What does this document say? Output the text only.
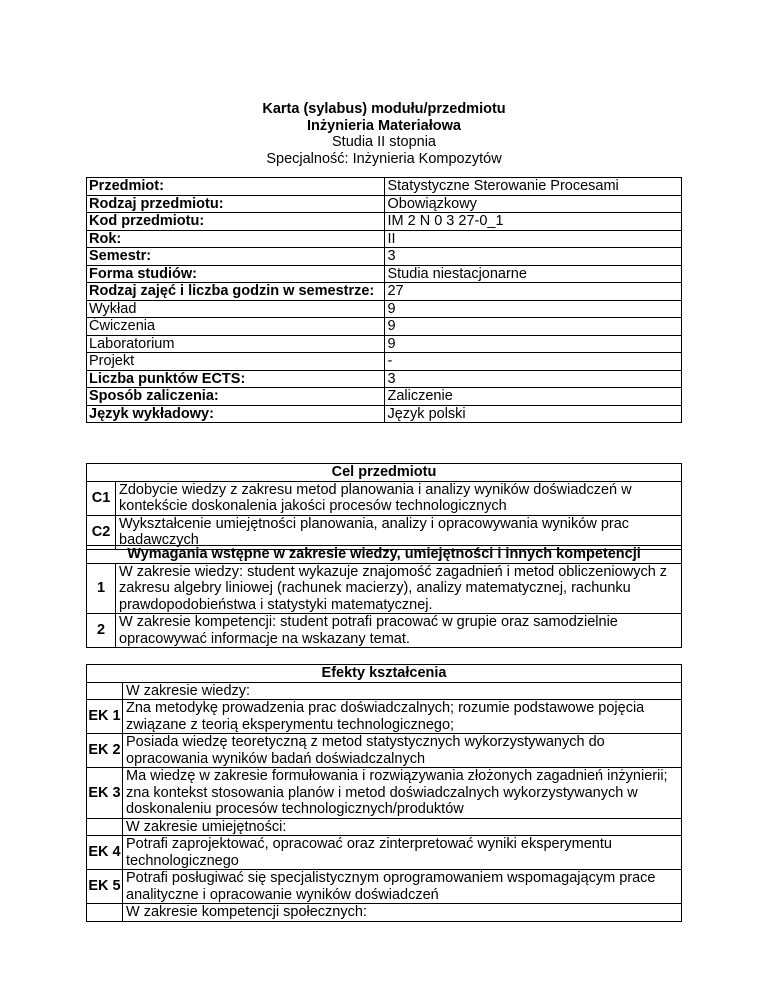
Karta (sylabus) modułu/przedmiotu
Inżynieria Materiałowa
Studia II stopnia
Specjalność: Inżynieria Kompozytów
Przedmiot:	Statystyczne Sterowanie Procesami
Rodzaj przedmiotu:	Obowiązkowy
Kod przedmiotu:	IM 2 N 0 3 27-0_1
Rok:	II
Semestr:	3
Forma studiów:	Studia niestacjonarne
Rodzaj zajęć i liczba godzin w semestrze:	27
Wykład	9
Ćwiczenia	9
Laboratorium	9
Projekt	-
Liczba punktów ECTS:	3
Sposób zaliczenia:	Zaliczenie
Język wykładowy:	Język polski
Cel przedmiotu	
C1	Zdobycie wiedzy z zakresu metod planowania i analizy wyników doświadczeń w kontekście doskonalenia jakości procesów technologicznych
C2	Wykształcenie umiejętności planowania, analizy i opracowywania wyników prac badawczych
Wymagania wstępne w zakresie wiedzy, umiejętności i innych kompetencji	
1	W zakresie wiedzy: student wykazuje znajomość zagadnień i metod obliczeniowych z zakresu algebry liniowej (rachunek macierzy), analizy matematycznej, rachunku prawdopodobieństwa i statystyki matematycznej.
2	W zakresie kompetencji: student potrafi pracować w grupie oraz samodzielnie opracowywać informacje na wskazany temat.
Efekty kształcenia	
	W zakresie wiedzy:
EK 1	Zna metodykę prowadzenia prac doświadczalnych; rozumie podstawowe pojęcia związane z teorią eksperymentu technologicznego;
EK 2	Posiada wiedzę teoretyczną z metod statystycznych wykorzystywanych do opracowania wyników badań doświadczalnych
EK 3	Ma wiedzę w zakresie formułowania i rozwiązywania złożonych zagadnień inżynierii; zna kontekst stosowania planów i metod doświadczalnych wykorzystywanych w doskonaleniu procesów technologicznych/produktów
	W zakresie umiejętności:
EK 4	Potrafi zaprojektować, opracować oraz zinterpretować wyniki eksperymentu technologicznego
EK 5	Potrafi posługiwać się specjalistycznym oprogramowaniem wspomagającym prace analityczne i opracowanie wyników doświadczeń
	W zakresie kompetencji społecznych:
